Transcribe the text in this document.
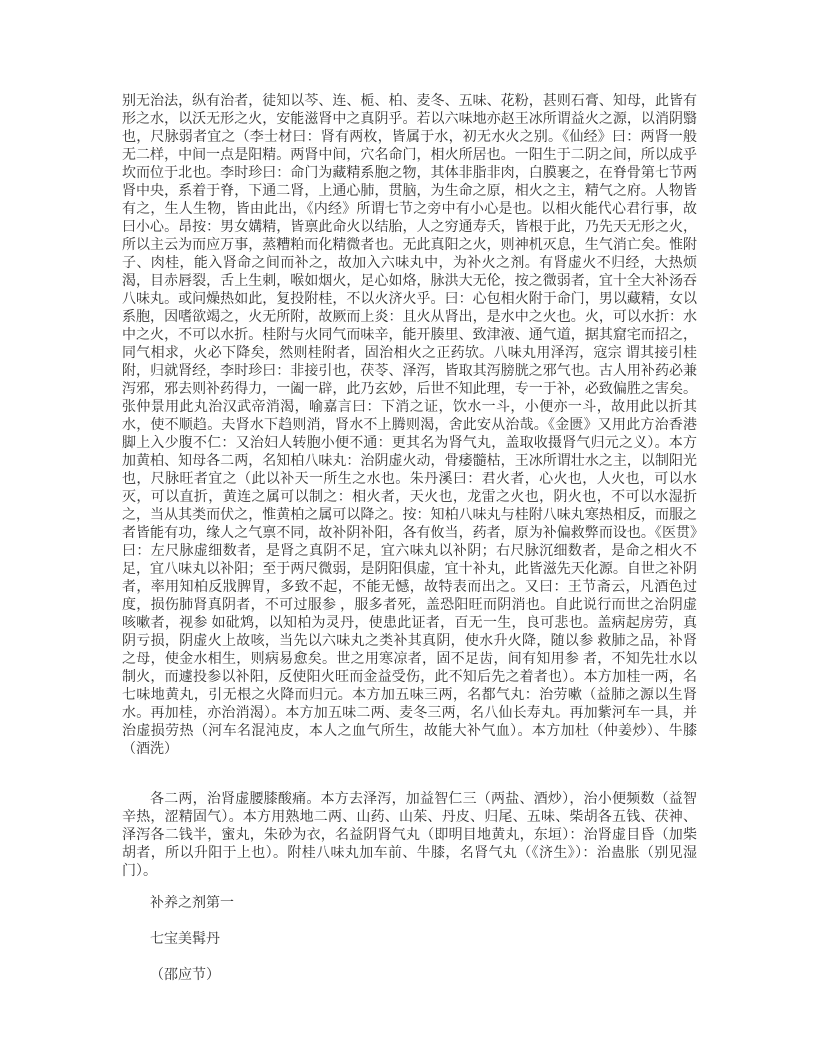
别无治法，纵有治者，徒知以芩、连、栀、柏、麦冬、五味、花粉，甚则石膏、知母，此皆有形之水，以沃无形之火，安能滋肾中之真阴乎。若以六味地亦赵王冰所谓益火之源，以消阴翳也，尺脉弱者宜之（李士材曰：肾有两枚，皆属于水，初无水火之别。《仙经》曰：两肾一般无二样，中间一点是阳精。两肾中间，穴名命门，相火所居也。一阳生于二阴之间，所以成乎坎而位于北也。李时珍曰：命门为藏精系胞之物，其体非脂非肉，白膜裹之，在脊骨第七节两肾中央，系着于脊，下通二肾，上通心肺，贯脑，为生命之原，相火之主，精气之府。人物皆有之，生人生物，皆由此出，《内经》所谓七节之旁中有小心是也。以相火能代心君行事，故曰小心。昂按：男女媾精，皆禀此命火以结胎，人之穷通寿夭，皆根于此，乃先天无形之火，所以主云为而应万事，蒸糟粕而化精微者也。无此真阳之火，则神机灭息，生气消亡矣。惟附子、肉桂，能入肾命之间而补之，故加入六味丸中，为补火之剂。有肾虚火不归经，大热烦渴，目赤唇裂，舌上生刺，喉如烟火，足心如烙，脉洪大无伦，按之微弱者，宜十全大补汤吞八味丸。或问燥热如此，复投附桂，不以火济火乎。曰：心包相火附于命门，男以藏精，女以系胞，因嗜欲竭之，火无所附，故厥而上炎：且火从肾出，是水中之火也。火，可以水折：水中之火，不可以水折。桂附与火同气而味辛，能开腠里、致津液、通气道，据其窟宅而招之，同气相求，火必下降矣，然则桂附者，固治相火之正药欤。八味丸用泽泻，寇宗 谓其接引桂附，归就肾经，李时珍曰：非接引也，茯苓、泽泻，皆取其泻膀胱之邪气也。古人用补药必兼泻邪，邪去则补药得力，一阖一辟，此乃玄妙，后世不知此理，专一于补，必致偏胜之害矣。张仲景用此丸治汉武帝消渴，喻嘉言曰：下消之证，饮水一斗，小便亦一斗，故用此以折其水，使不顺趋。夫肾水下趋则消，肾水不上腾则渴，舍此安从治哉。《金匮》又用此方治香港脚上入少腹不仁：又治妇人转胞小便不通：更其名为肾气丸，盖取收摄肾气归元之义）。本方加黄柏、知母各二两，名知柏八味丸：治阴虚火动，骨痿髓枯，王冰所谓壮水之主，以制阳光也，尺脉旺者宜之（此以补天一所生之水也。朱丹溪曰：君火者，心火也，人火也，可以水灭，可以直折，黄连之属可以制之：相火者，天火也，龙雷之火也，阴火也，不可以水湿折之，当从其类而伏之，惟黄柏之属可以降之。按：知柏八味丸与桂附八味丸寒热相反，而服之者皆能有功，缘人之气禀不同，故补阴补阳，各有攸当，药者，原为补偏救弊而设也。《医贯》曰：左尺脉虚细数者，是肾之真阴不足，宜六味丸以补阴；右尺脉沉细数者，是命之相火不足，宜八味丸以补阳；至于两尺微弱，是阴阳俱虚，宜十补丸，此皆滋先天化源。自世之补阴者，率用知柏反戕脾胃，多致不起，不能无憾，故特表而出之。又曰：王节斋云，凡酒色过度，损伤肺肾真阴者，不可过服参 ，服多者死，盖恐阳旺而阴消也。自此说行而世之治阴虚咳嗽者，视参 如砒鸩，以知柏为灵丹，使患此证者，百无一生，良可悲也。盖病起房劳，真阴亏损，阴虚火上故咳，当先以六味丸之类补其真阴，使水升火降，随以参 救肺之品，补肾之母，使金水相生，则病易愈矣。世之用寒凉者，固不足齿，间有知用参 者，不知先壮水以制火，而遽投参以补阳，反使阳火旺而金益受伤，此不知后先之着者也）。本方加桂一两，名七味地黄丸，引无根之火降而归元。本方加五味三两，名都气丸：治劳嗽（益肺之源以生肾水。再加桂，亦治消渴）。本方加五味二两、麦冬三两，名八仙长寿丸。再加紫河车一具，并治虚损劳热（河车名混沌皮，本人之血气所生，故能大补气血）。本方加杜（仲姜炒）、牛膝（酒洗）

各二两，治肾虚腰膝酸痛。本方去泽泻，加益智仁三（两盐、酒炒），治小便频数（益智辛热，涩精固气）。本方用熟地二两、山药、山茱、丹皮、归尾、五味、柴胡各五钱、茯神、泽泻各二钱半，蜜丸，朱砂为衣，名益阴肾气丸（即明目地黄丸，东垣）：治肾虚目昏（加柴胡者，所以升阳于上也）。附桂八味丸加车前、牛膝，名肾气丸（《济生》）：治蛊胀（别见湿门）。

补养之剂第一

七宝美髯丹

（邵应节）
